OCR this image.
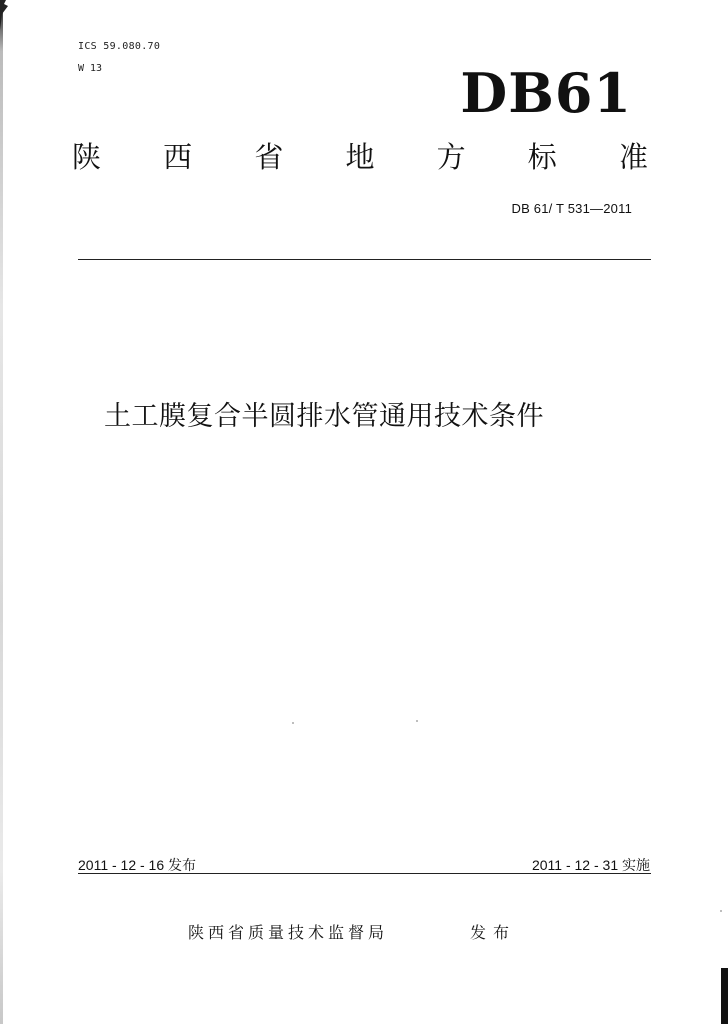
ICS 59.080.70
W 13	DB61
陕 西 省 地 方 标 准
DB 61/ T 531—2011
土工膜复合半圆排水管通用技术条件
2011 - 12 - 16 发布	2011 - 12 - 31 实施
陕西省质量技术监督局	发布
